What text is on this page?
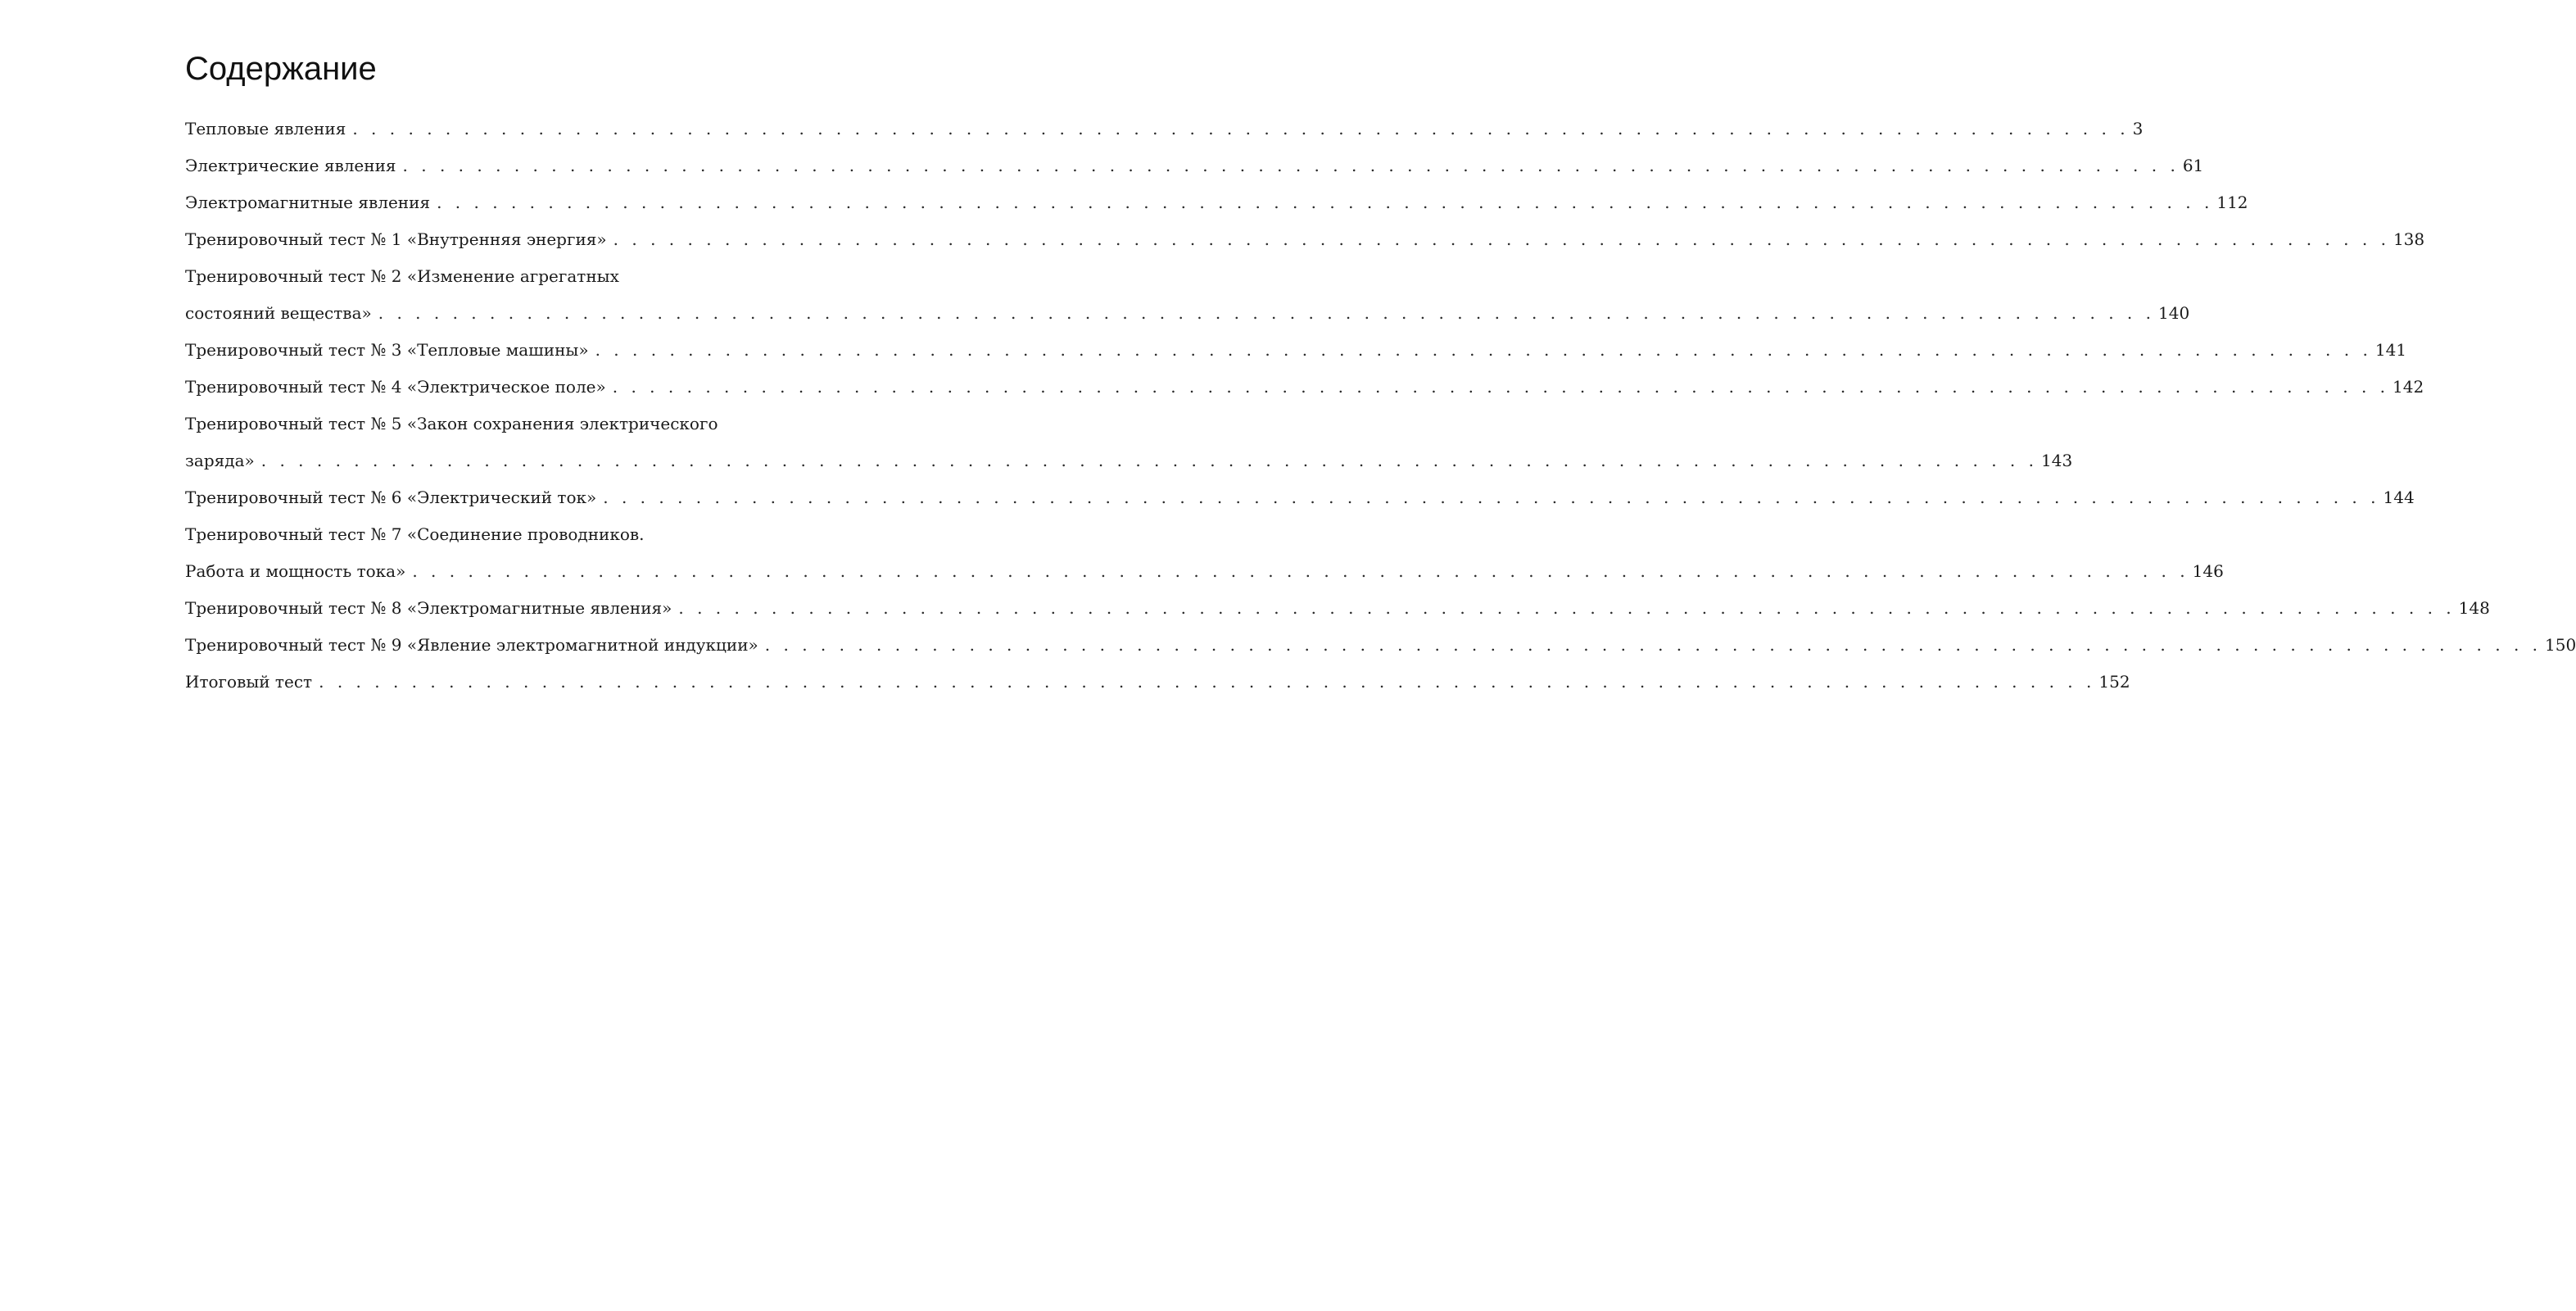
Содержание
Тепловые явления . . . . . . . . . . . . . . . . . . . . . . . . . . . . . . . . . . . . . . . . . . . . . . . . . . . . . . . . . . . . . . . . . . . . . . . . . . . . . . . . . . . . . . . . . . . . . . . . 3
Электрические явления . . . . . . . . . . . . . . . . . . . . . . . . . . . . . . . . . . . . . . . . . . . . . . . . . . . . . . . . . . . . . . . . . . . . . . . . . . . . . . . . . . . . . . . . . . . . . . . . 61
Электромагнитные явления . . . . . . . . . . . . . . . . . . . . . . . . . . . . . . . . . . . . . . . . . . . . . . . . . . . . . . . . . . . . . . . . . . . . . . . . . . . . . . . . . . . . . . . . . . . . . . . . 112
Тренировочный тест № 1 «Внутренняя энергия» . . . . . . . . . . . . . . . . . . . . . . . . . . . . . . . . . . . . . . . . . . . . . . . . . . . . . . . . . . . . . . . . . . . . . . . . . . . . . . . . . . . . . . . . . . . . . . . . 138
Тренировочный тест № 2 «Изменение агрегатных
состояний вещества» . . . . . . . . . . . . . . . . . . . . . . . . . . . . . . . . . . . . . . . . . . . . . . . . . . . . . . . . . . . . . . . . . . . . . . . . . . . . . . . . . . . . . . . . . . . . . . . . 140
Тренировочный тест № 3 «Тепловые машины» . . . . . . . . . . . . . . . . . . . . . . . . . . . . . . . . . . . . . . . . . . . . . . . . . . . . . . . . . . . . . . . . . . . . . . . . . . . . . . . . . . . . . . . . . . . . . . . . 141
Тренировочный тест № 4 «Электрическое поле» . . . . . . . . . . . . . . . . . . . . . . . . . . . . . . . . . . . . . . . . . . . . . . . . . . . . . . . . . . . . . . . . . . . . . . . . . . . . . . . . . . . . . . . . . . . . . . . . 142
Тренировочный тест № 5 «Закон сохранения электрического
заряда» . . . . . . . . . . . . . . . . . . . . . . . . . . . . . . . . . . . . . . . . . . . . . . . . . . . . . . . . . . . . . . . . . . . . . . . . . . . . . . . . . . . . . . . . . . . . . . . . 143
Тренировочный тест № 6 «Электрический ток» . . . . . . . . . . . . . . . . . . . . . . . . . . . . . . . . . . . . . . . . . . . . . . . . . . . . . . . . . . . . . . . . . . . . . . . . . . . . . . . . . . . . . . . . . . . . . . . . 144
Тренировочный тест № 7 «Соединение проводников.
Работа и мощность тока» . . . . . . . . . . . . . . . . . . . . . . . . . . . . . . . . . . . . . . . . . . . . . . . . . . . . . . . . . . . . . . . . . . . . . . . . . . . . . . . . . . . . . . . . . . . . . . . . 146
Тренировочный тест № 8 «Электромагнитные явления» . . . . . . . . . . . . . . . . . . . . . . . . . . . . . . . . . . . . . . . . . . . . . . . . . . . . . . . . . . . . . . . . . . . . . . . . . . . . . . . . . . . . . . . . . . . . . . . . 148
Тренировочный тест № 9 «Явление электромагнитной индукции» . . . . . . . . . . . . . . . . . . . . . . . . . . . . . . . . . . . . . . . . . . . . . . . . . . . . . . . . . . . . . . . . . . . . . . . . . . . . . . . . . . . . . . . . . . . . . . . . 150
Итоговый тест . . . . . . . . . . . . . . . . . . . . . . . . . . . . . . . . . . . . . . . . . . . . . . . . . . . . . . . . . . . . . . . . . . . . . . . . . . . . . . . . . . . . . . . . . . . . . . . . 152
